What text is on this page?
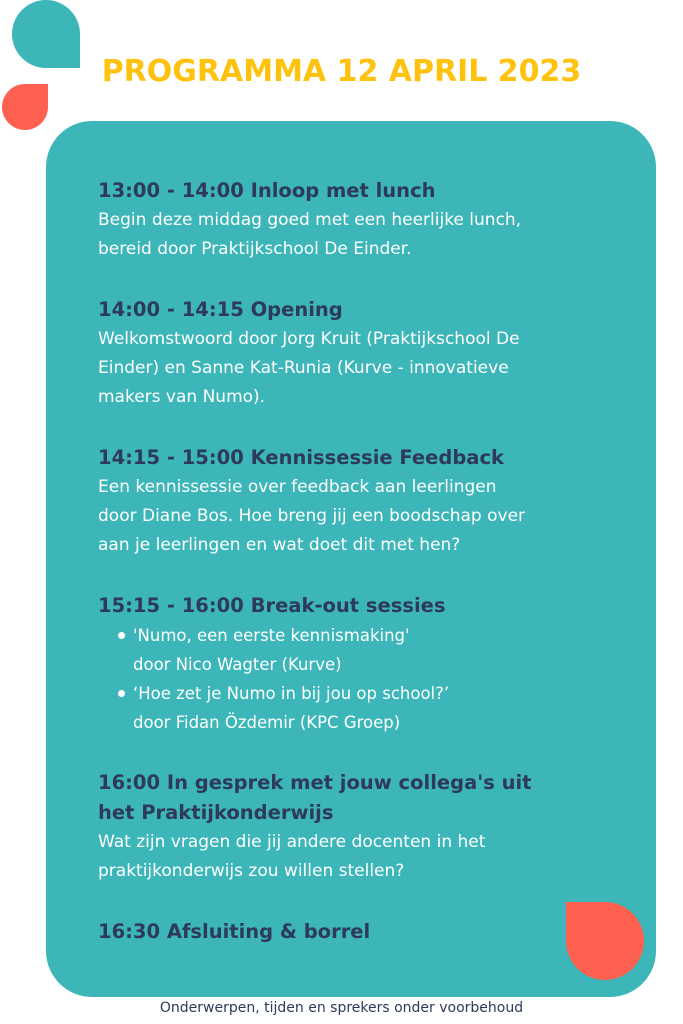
PROGRAMMA 12 APRIL 2023

13:00 - 14:00 Inloop met lunch

Begin deze middag goed met een heerlijke lunch,
bereid door Praktijkschool De Einder.

14:00 - 14:15 Opening

Welkomstwoord door Jorg Kruit (Praktijkschool De
Einder) en Sanne Kat-Runia (Kurve - innovatieve
makers van Numo).

14:15 - 15:00 Kennissessie Feedback

Een kennissessie over feedback aan leerlingen
door Diane Bos. Hoe breng jij een boodschap over
aan je leerlingen en wat doet dit met hen?

15:15 - 16:00 Break-out sessies

'Numo, een eerste kennismaking'
door Nico Wagter (Kurve)
‘Hoe zet je Numo in bij jou op school?’
door Fidan Özdemir (KPC Groep)

16:00 In gesprek met jouw collega's uit
het Praktijkonderwijs

Wat zijn vragen die jij andere docenten in het
praktijkonderwijs zou willen stellen?

16:30 Afsluiting & borrel

Onderwerpen, tijden en sprekers onder voorbehoud
